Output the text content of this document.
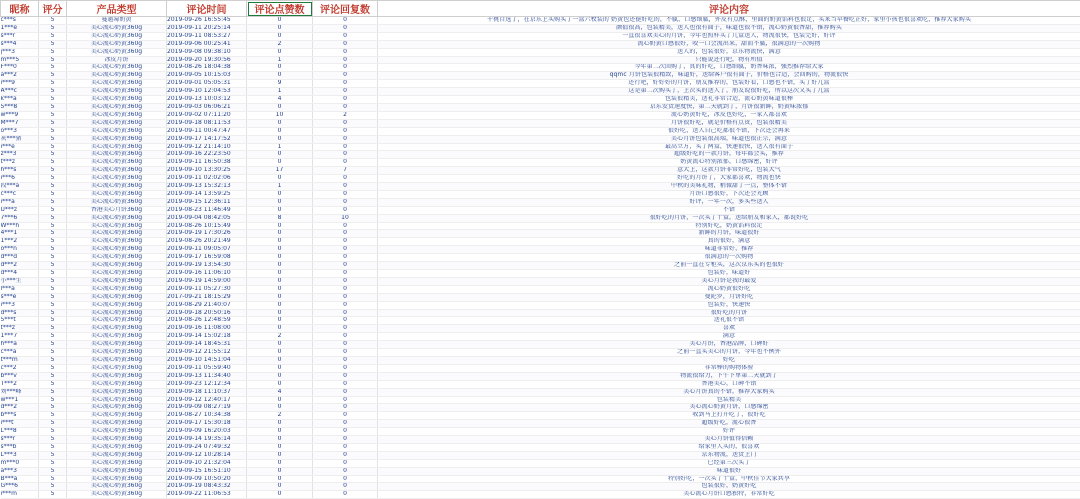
昵称	评分	产品类型	评论时间	评论点赞数	评论回复数	评论内容
c***s	5	蔓越莓奶黄	2019-09-26 16:55:45	0	0	千挑百选了，在京东上买购买了一盒六枚装的 奶黄包还挺好吃的，不腻，口感细腻，外皮有点酥，里面的奶黄馅料也很足，买来当早餐吃正好，家里小孩也很喜欢吃，推荐大家购买
1***e	5	美心流心奶黄360g	2019-09-11 20:25:14	0	0	颜值很高，包装精美，送人也很有面子，味道也很不错，流心奶黄很香甜，推荐购买
s***r	5	美心流心奶黄360g	2019-09-11 08:53:27	0	0	一直很喜欢美心的月饼，今年也照样买了几盒送人，物流很快，包装完好，好评
s***4	5	美心流心奶黄360g	2019-09-06 00:25:41	2	0	流心奶黄口感很好，咬一口会流出来，甜而不腻，很满意的一次购物
j***3	5	美心流心奶黄360g	2019-09-08 09:38:10	0	0	送人的，包装很好，京东物流快，满意
m***5	5	冰皮月饼	2019-09-20 19:30:56	1	0	只能说还行吧，物有所值
F***0	5	美心流心奶黄360g	2019-08-26 18:04:38	0	0	今年第二次回购了，真的好吃，口感细腻，奶香味浓，强烈推荐给大家
a***2	5	美心流心奶黄360g	2019-09-05 10:15:03	0	0	qqmc 月饼包装很精致，味道好，送给客户很有面子，价格也合适，会回购的，物流很快
i***9	5	美心流心奶黄360g	2019-09-01 05:05:31	9	0	还行吧，好好好的月饼，朋友推荐的，包装好看，口感也不错，买了好几盒
A***c	5	美心流心奶黄360g	2019-09-10 12:04:53	1	0	这是第二次购买了，上次买的送人了，朋友说很好吃，所以这次又买了几盒
k***a	5	美心流心奶黄360g	2019-09-13 10:03:12	4	0	包装很精美，送礼非常合适，流心奶黄味道很棒
5***8	5	美心流心奶黄360g	2019-09-03 06:06:21	0	0	京东发货速度快，第二天就到了，月饼很新鲜，奶黄味浓郁
w***9	5	美心流心奶黄360g	2019-09-02 07:11:20	10	2	流心奶黄好吃，冰皮也好吃，一家人都喜欢
M***7	5	美心流心奶黄360g	2019-09-18 08:11:53	0	0	月饼很好吃，就是价格有点贵，包装很精美
o***3	5	美心流心奶黄360g	2019-09-11 00:47:47	0	0	很好吃，送人自己吃都很不错，下次还会再来
灰***猪	5	美心流心奶黄360g	2019-09-17 14:17:52	0	0	美心月饼包装很高端，味道也很正宗，满意
i***e	5	美心流心奶黄360g	2019-09-12 21:14:10	1	0	最高立方，买了两盒，快递很快，送人很有面子
z***3	5	美心流心奶黄360g	2019-09-16 22:23:50	0	0	超级好吃的一款月饼，每年都会买，推荐
t***z	5	美心流心奶黄360g	2019-09-11 16:50:38	0	0	奶黄流心特别浓郁，口感绵密，好评
h***s	5	美心流心奶黄360g	2019-09-10 13:30:25	17	7	意大上，这款月饼非常好吃，包装大气
i***6	5	美心流心奶黄360g	2019-09-11 02:02:06	0	0	好吃的月饼了，大家都喜欢，物流也快
段***a	5	美心流心奶黄360g	2019-09-13 15:32:13	1	0	中秋的美味礼物，稍微甜了一点，整体不错
c***c	5	美心流心奶黄360g	2019-09-14 13:59:25	0	0	月饼口感很好，下次还会光顾
i***a	5	美心流心奶黄360g	2019-09-15 12:36:11	0	0	好评，一年一次，多买些送人
U***z	5	香港美心月饼360g	2019-08-23 11:46:49	0	0	不错
7***6	5	美心流心奶黄360g	2019-09-04 08:42:05	8	10	很好吃的月饼，一次买了十盒，送给朋友和家人，都说好吃
W***h	5	美心流心奶黄360g	2019-08-26 10:15:49	0	0	特别好吃，奶黄馅料很足
4***1	5	美心流心奶黄360g	2019-09-19 17:30:26	0	0	新鲜的月饼，味道很好
1***2	5	美心流心奶黄360g	2019-08-26 20:21:49	0	0	真的很好，满意
o***n	5	美心流心奶黄360g	2019-09-11 09:05:07	0	0	味道非常好，推荐
d***d	5	美心流心奶黄360g	2019-09-17 16:59:08	0	0	很满意的一次购物
d***2	5	美心流心奶黄360g	2019-09-19 13:54:30	0	0	之前一直在专柜买，这次京东买的也很好
d***4	5	美心流心奶黄360g	2019-09-16 11:06:10	0	0	包装好，味道好
小***生	5	美心流心奶黄360g	2019-09-19 14:59:00	0	0	美心月饼是我的最爱
l***a	5	美心流心奶黄360g	2019-09-11 05:27:30	0	0	流心奶黄很好吃
s***e	5	美心流心奶黄360g	2017-09-21 18:15:29	0	0	曼陀罗，月饼好吃
i***3	5	美心流心奶黄360g	2019-08-29 21:40:07	0	0	包装好，快递快
d***s	5	美心流心奶黄360g	2019-09-18 20:50:16	0	0	很好吃的月饼
5***t	5	美心流心奶黄360g	2019-08-26 12:48:59	0	0	送礼很不错
t***z	5	美心流心奶黄360g	2019-09-16 11:08:00	0	0	喜欢
1***7	5	美心流心奶黄360g	2019-09-14 15:02:18	2	0	满意
h***a	5	美心流心奶黄360g	2019-09-14 18:45:31	0	0	美心月饼，香港品牌，口碑好
c***a	5	美心流心奶黄360g	2019-09-12 21:55:12	0	0	之前一直买美心的月饼，今年也不例外
t***m	5	美心流心奶黄360g	2019-09-10 14:51:04	0	0	好吃
c***2	5	美心流心奶黄360g	2019-09-11 05:59:40	0	0	非常棒的购物体验
b***v	5	美心流心奶黄360g	2019-09-13 11:34:40	0	0	物流很给力，下午下单第二天就到了
T***2	5	美心流心奶黄360g	2019-09-23 12:12:34	0	0	香港美心，口碑不错
刘***峰	5	美心流心奶黄360g	2019-09-18 11:10:37	4	0	美心月饼真的不错，推荐大家购买
w***1	5	美心流心奶黄360g	2019-09-12 12:40:17	0	0	包装精美
d***2	5	美心流心奶黄360g	2019-09-09 08:27:19	0	0	美心流心奶黄月饼，口感绵密
b***s	5	美心流心奶黄360g	2019-08-27 10:34:38	2	0	收到马上打开吃了，很好吃
i***t	5	美心流心奶黄360g	2019-09-17 15:30:18	0	0	超级好吃，流心很香
L***8	5	美心流心奶黄360g	2019-09-09 16:20:03	0	0	好评
s***r	5	美心流心奶黄360g	2019-09-14 19:35:14	0	0	美心月饼值得信赖
s***b	5	美心流心奶黄360g	2019-09-24 07:49:32	0	0	给家里人买的，很喜欢
L***3	5	美心流心奶黄360g	2019-09-12 10:28:14	0	0	京东物流，送货上门
m***0	5	美心流心奶黄360g	2019-09-10 21:32:04	0	0	已经第三次买了
a***3	5	美心流心奶黄360g	2019-09-15 16:51:10	0	0	味道很好
B***a	5	美心流心奶黄360g	2019-09-09 10:50:20	0	0	特别好吃，一次买了十盒，中秋佳节大家共享
G***6	5	美心流心奶黄360g	2019-09-19 08:43:32	0	0	包装很好，奶黄好吃
i***m	5	美心流心奶黄360g	2019-09-22 11:06:53	0	0	美心流心月饼口感独特，非常好吃
